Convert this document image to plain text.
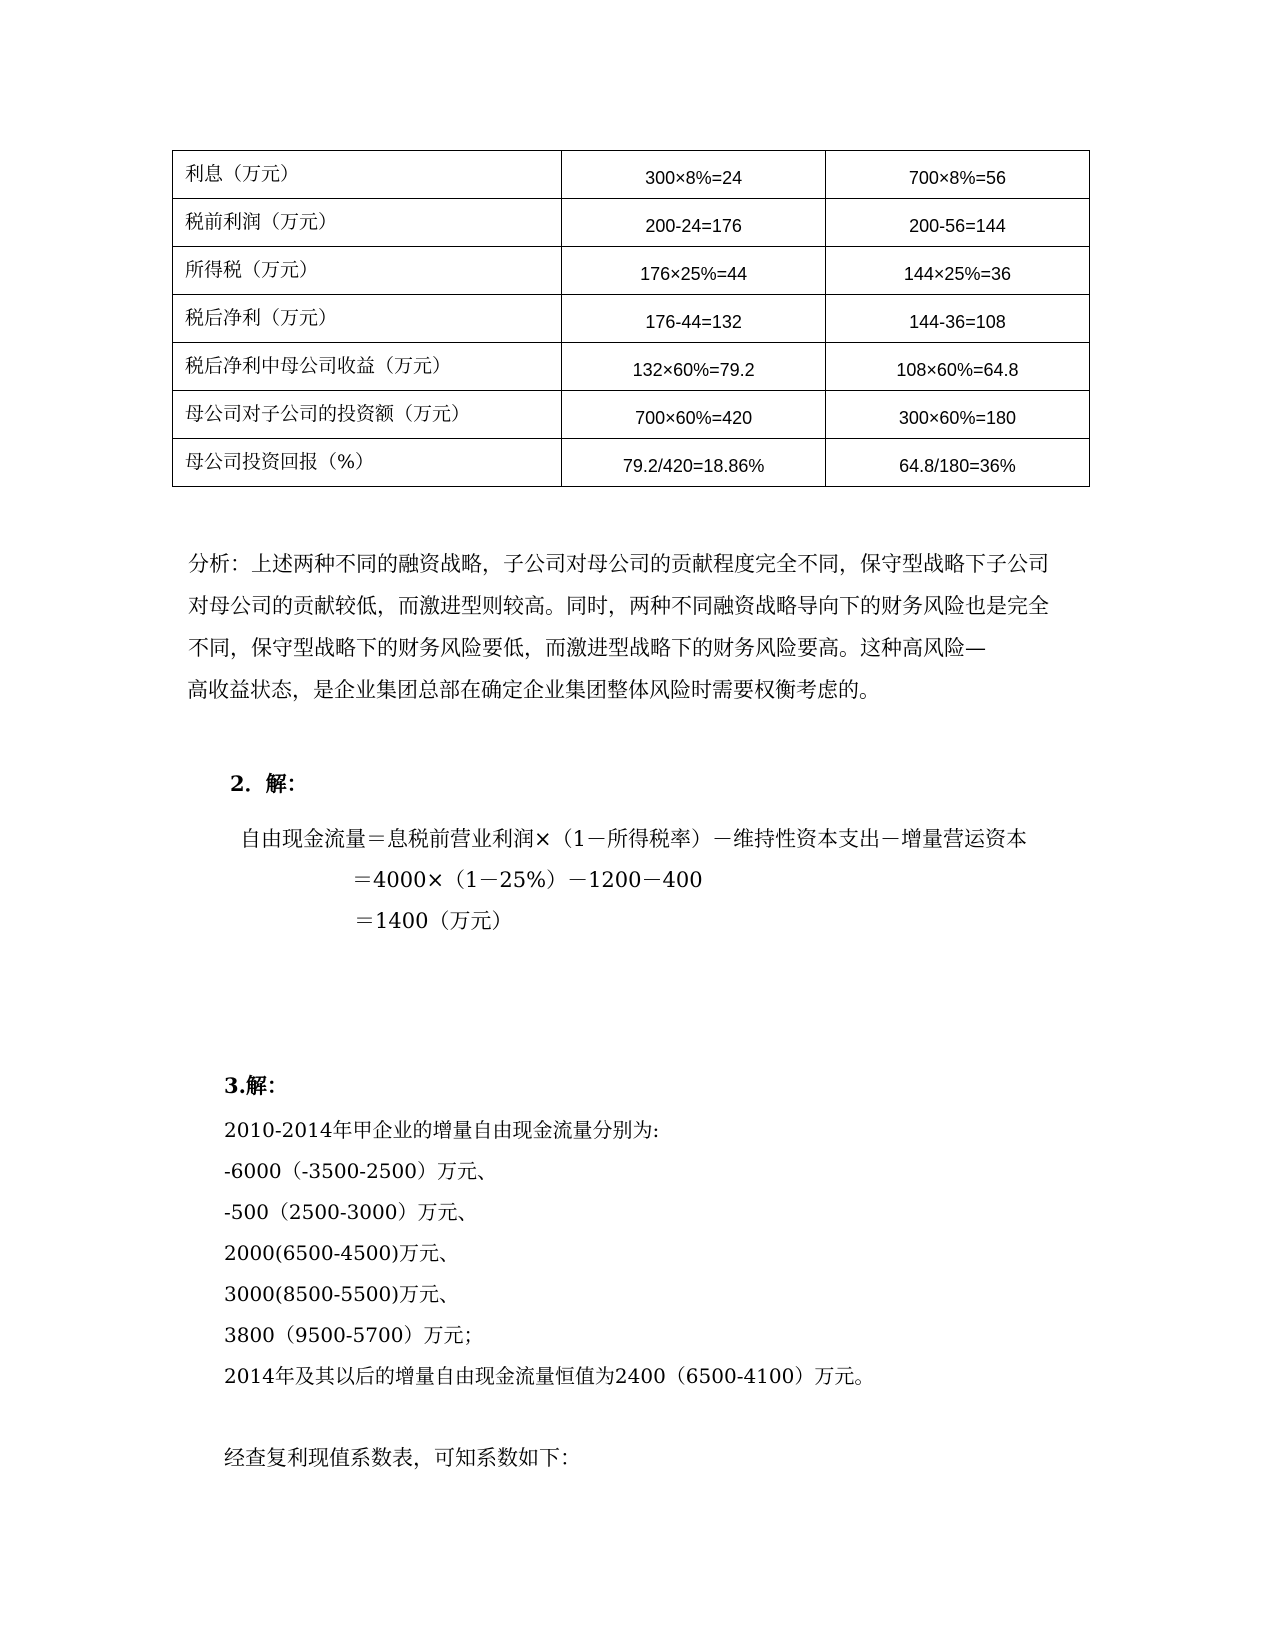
利息（万元）	300×8%=24	700×8%=56
税前利润（万元）	200-24=176	200-56=144
所得税（万元）	176×25%=44	144×25%=36
税后净利（万元）	176-44=132	144-36=108
税后净利中母公司收益（万元）	132×60%=79.2	108×60%=64.8
母公司对子公司的投资额（万元）	700×60%=420	300×60%=180
母公司投资回报（%）	79.2/420=18.86%	64.8/180=36%

分析：上述两种不同的融资战略，子公司对母公司的贡献程度完全不同，保守型战略下子公司
对母公司的贡献较低，而激进型则较高。同时，两种不同融资战略导向下的财务风险也是完全
不同，保守型战略下的财务风险要低，而激进型战略下的财务风险要高。这种高风险—
高收益状态，是企业集团总部在确定企业集团整体风险时需要权衡考虑的。

2．解：

自由现金流量＝息税前营业利润×（1－所得税率）－维持性资本支出－增量营运资本

＝4000×（1－25%）－1200－400

＝1400（万元）

3.解：

2010-2014年甲企业的增量自由现金流量分别为:
-6000（-3500-2500）万元、
-500（2500-3000）万元、
2000(6500-4500)万元、
3000(8500-5500)万元、
3800（9500-5700）万元；
2014年及其以后的增量自由现金流量恒值为2400（6500-4100）万元。

经查复利现值系数表，可知系数如下：
